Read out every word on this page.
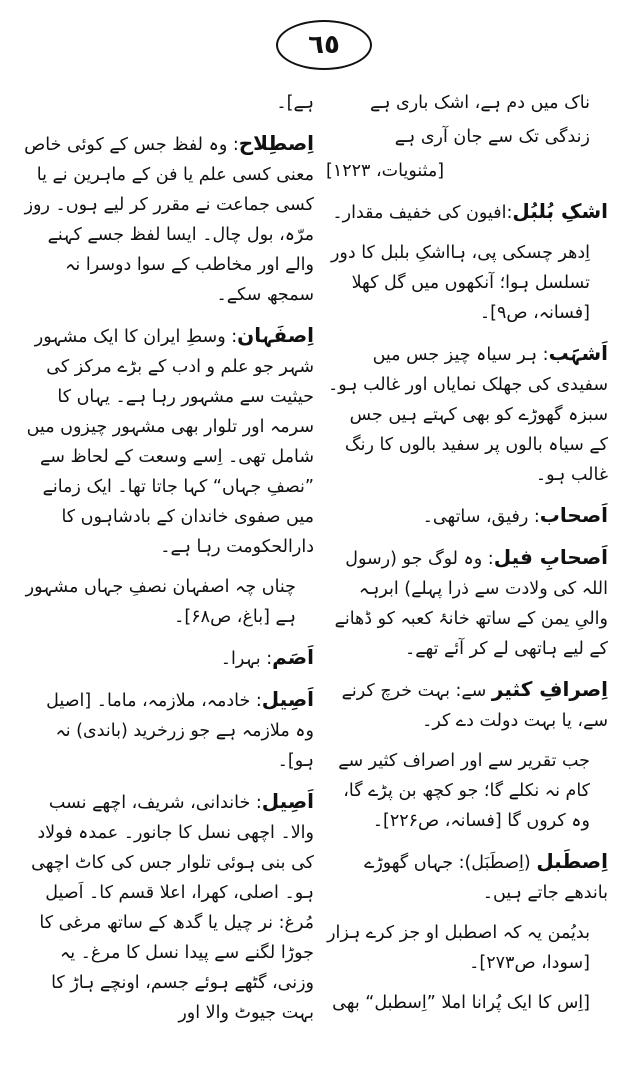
٦٥
ناک میں دم ہے، اشک باری ہے
زندگی تک سے جان آری ہے
[مثنویات، ۱۲۲۳]
اشکِ بُلبُل:افیون کی خفیف مقدار۔
اِدھر چسکی پی، ہااشکِ بلبل کا دور تسلسل ہوا؛ آنکھوں میں گل کھلا [فسانہ، ص۹]۔
اَشہَب: ہر سیاہ چیز جس میں سفیدی کی جھلک نمایاں اور غالب ہو۔ سبزہ گھوڑے کو بھی کہتے ہیں جس کے سیاہ بالوں پر سفید بالوں کا رنگ غالب ہو۔
اَصحاب: رفیق، ساتھی۔
اَصحابِ فیل: وہ لوگ جو (رسول اللہ کی ولادت سے ذرا پہلے) ابرہہ والیِ یمن کے ساتھ خانۂ کعبہ کو ڈھانے کے لیے ہاتھی لے کر آئے تھے۔
اِصرافِ کثیر سے: بہت خرچ کرنے سے، یا بہت دولت دے کر۔
جب تقریر سے اور اصراف کثیر سے کام نہ نکلے گا؛ جو کچھ بن پڑے گا، وہ کروں گا [فسانہ، ص۲۲۶]۔
اِصطَبل (اِصطَبَل): جہاں گھوڑے باندھے جاتے ہیں۔
بدیُمن یہ کہ اصطبل او جز کرے ہزار [سودا، ص۲۷۳]۔
[اِس کا ایک پُرانا املا ”اِسطبل“ بھی
ہے]۔
اِصطِلاح: وہ لفظ جس کے کوئی خاص معنی کسی علم یا فن کے ماہرین نے یا کسی جماعت نے مقرر کر لیے ہوں۔ روز مرّہ، بول چال۔ ایسا لفظ جسے کہنے والے اور مخاطب کے سوا دوسرا نہ سمجھ سکے۔
اِصفَہان: وسطِ ایران کا ایک مشہور شہر جو علم و ادب کے بڑے مرکز کی حیثیت سے مشہور رہا ہے۔ یہاں کا سرمہ اور تلوار بھی مشہور چیزوں میں شامل تھی۔ اِسے وسعت کے لحاظ سے ”نصفِ جہاں“ کہا جاتا تھا۔ ایک زمانے میں صفوی خاندان کے بادشاہوں کا دارالحکومت رہا ہے۔
چناں چہ اصفہان نصفِ جہاں مشہور ہے [باغ، ص۶۸]۔
اَصَم: بہرا۔
اَصِیل: خادمہ، ملازمہ، ماما۔ [اصیل وہ ملازمہ ہے جو زرخرید (باندی) نہ ہو]۔
اَصِیل: خاندانی، شریف، اچھے نسب والا۔ اچھی نسل کا جانور۔ عمدہ فولاد کی بنی ہوئی تلوار جس کی کاٹ اچھی ہو۔ اصلی، کھرا، اعلا قسم کا۔ اَصیل مُرغ: نر چیل یا گدھ کے ساتھ مرغی کا جوڑا لگنے سے پیدا نسل کا مرغ۔ یہ وزنی، گٹھے ہوئے جسم، اونچے ہاڑ کا بہت جیوٹ والا اور
